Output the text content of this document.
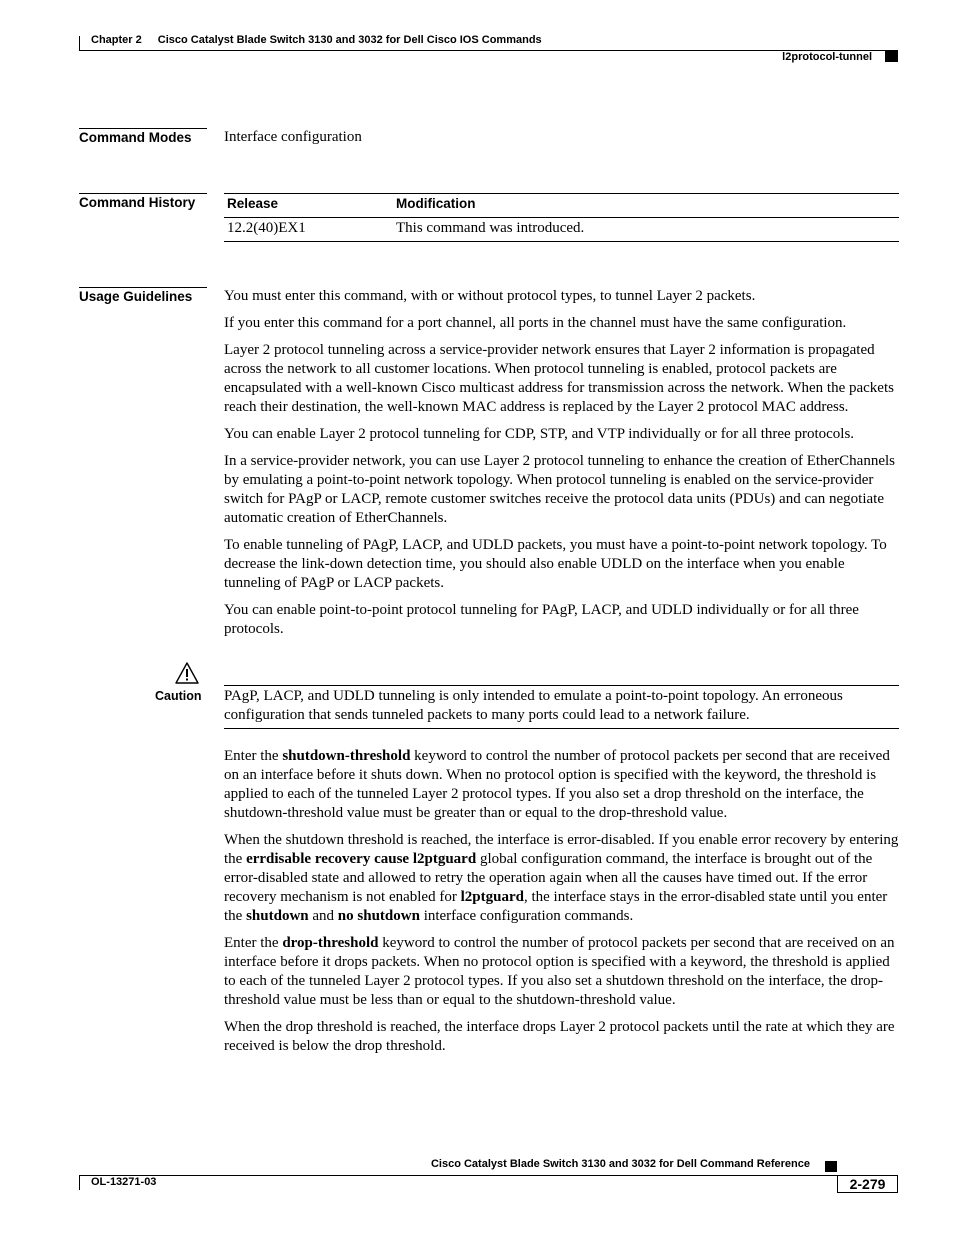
Chapter 2 Cisco Catalyst Blade Switch 3130 and 3032 for Dell Cisco IOS Commands
l2protocol-tunnel
Command Modes	Interface configuration
Command History	Release	Modification
12.2(40)EX1	This command was introduced.
Usage Guidelines	You must enter this command, with or without protocol types, to tunnel Layer 2 packets.

If you enter this command for a port channel, all ports in the channel must have the same configuration.

Layer 2 protocol tunneling across a service-provider network ensures that Layer 2 information is propagated across the network to all customer locations. When protocol tunneling is enabled, protocol packets are encapsulated with a well-known Cisco multicast address for transmission across the network. When the packets reach their destination, the well-known MAC address is replaced by the Layer 2 protocol MAC address.

You can enable Layer 2 protocol tunneling for CDP, STP, and VTP individually or for all three protocols.

In a service-provider network, you can use Layer 2 protocol tunneling to enhance the creation of EtherChannels by emulating a point-to-point network topology. When protocol tunneling is enabled on the service-provider switch for PAgP or LACP, remote customer switches receive the protocol data units (PDUs) and can negotiate automatic creation of EtherChannels.

To enable tunneling of PAgP, LACP, and UDLD packets, you must have a point-to-point network topology. To decrease the link-down detection time, you should also enable UDLD on the interface when you enable tunneling of PAgP or LACP packets.

You can enable point-to-point protocol tunneling for PAgP, LACP, and UDLD individually or for all three protocols.

Caution PAgP, LACP, and UDLD tunneling is only intended to emulate a point-to-point topology. An erroneous configuration that sends tunneled packets to many ports could lead to a network failure.

Enter the shutdown-threshold keyword to control the number of protocol packets per second that are received on an interface before it shuts down. When no protocol option is specified with the keyword, the threshold is applied to each of the tunneled Layer 2 protocol types. If you also set a drop threshold on the interface, the shutdown-threshold value must be greater than or equal to the drop-threshold value.

When the shutdown threshold is reached, the interface is error-disabled. If you enable error recovery by entering the errdisable recovery cause l2ptguard global configuration command, the interface is brought out of the error-disabled state and allowed to retry the operation again when all the causes have timed out. If the error recovery mechanism is not enabled for l2ptguard, the interface stays in the error-disabled state until you enter the shutdown and no shutdown interface configuration commands.

Enter the drop-threshold keyword to control the number of protocol packets per second that are received on an interface before it drops packets. When no protocol option is specified with a keyword, the threshold is applied to each of the tunneled Layer 2 protocol types. If you also set a shutdown threshold on the interface, the drop-threshold value must be less than or equal to the shutdown-threshold value.

When the drop threshold is reached, the interface drops Layer 2 protocol packets until the rate at which they are received is below the drop threshold.

Cisco Catalyst Blade Switch 3130 and 3032 for Dell Command Reference
OL-13271-03	2-279
